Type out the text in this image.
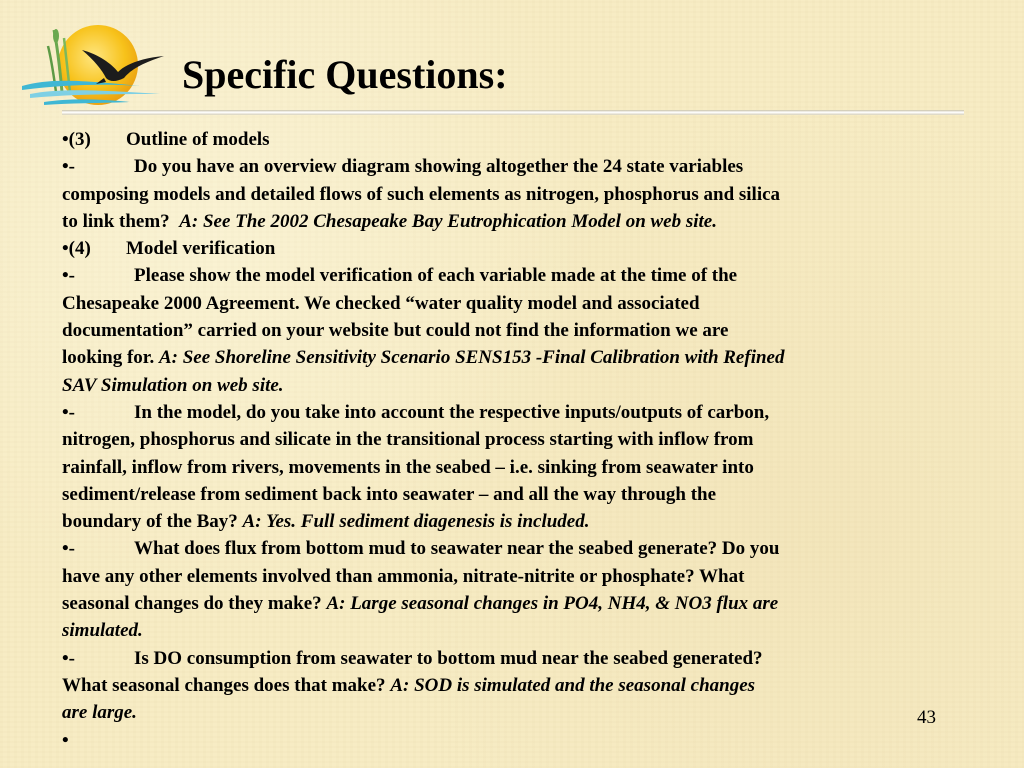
Specific Questions:
•(3) Outline of models
•-	Do you have an overview diagram showing altogether the 24 state variables
composing models and detailed flows of such elements as nitrogen, phosphorus and silica
to link them? A: See The 2002 Chesapeake Bay Eutrophication Model on web site.
•(4) Model verification
•-	Please show the model verification of each variable made at the time of the
Chesapeake 2000 Agreement. We checked “water quality model and associated
documentation” carried on your website but could not find the information we are
looking for. A: See Shoreline Sensitivity Scenario SENS153 -Final Calibration with Refined
SAV Simulation on web site.
•-	In the model, do you take into account the respective inputs/outputs of carbon,
nitrogen, phosphorus and silicate in the transitional process starting with inflow from
rainfall, inflow from rivers, movements in the seabed – i.e. sinking from seawater into
sediment/release from sediment back into seawater – and all the way through the
boundary of the Bay? A: Yes. Full sediment diagenesis is included.
•-	What does flux from bottom mud to seawater near the seabed generate? Do you
have any other elements involved than ammonia, nitrate-nitrite or phosphate? What
seasonal changes do they make? A: Large seasonal changes in PO4, NH4, & NO3 flux are
simulated.
•-	Is DO consumption from seawater to bottom mud near the seabed generated?
What seasonal changes does that make? A: SOD is simulated and the seasonal changes
are large.
•
43
